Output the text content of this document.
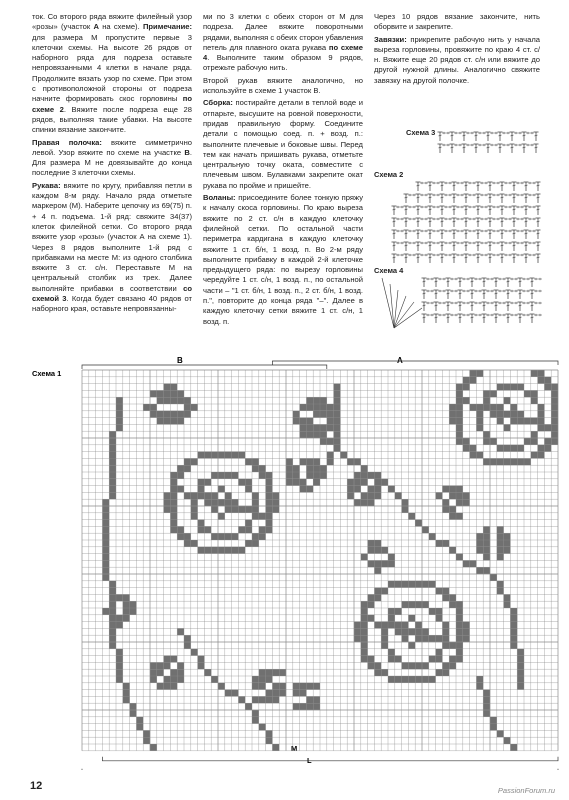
ток. Со второго ряда вяжите филейный узор «розы» (участок А на схеме). Примечание: для размера М пропустите первые 3 клеточки схемы. На высоте 26 рядов от наборного ряда для подреза оставьте непровязанными 4 клетки в начале ряда. Продолжите вязать узор по схеме. При этом с противоположной стороны от подреза начните формировать скос горловины по схеме 2. Вяжите после подреза еще 28 рядов, выполняя такие убавки. На высоте спинки вязание закончите.

Правая полочка: вяжите симметрично левой. Узор вяжите по схеме на участке В. Для размера М не довязывайте до конца последние 3 клеточки схемы.

Рукава: вяжите по кругу, прибавляя петли в каждом 8-м ряду. Начало ряда отметьте маркером (М). Наберите цепочку из 69(75) п. + 4 п. подъема. 1-й ряд: свяжите 34(37) клеток филейной сетки. Со второго ряда вяжите узор «розы» (участок А на схеме 1). Через 8 рядов выполните 1-й ряд с прибавками на месте М: из одного столбика вяжите 3 ст. с/н. Переставьте М на центральный столбик из трех. Далее выполняйте прибавки в соответствии со схемой 3. Когда будет связано 40 рядов от наборного края, оставьте непровязанны-

ми по 3 клетки с обеих сторон от М для подреза. Далее вяжите поворотными рядами, выполняя с обеих сторон убавления петель для плавного оката рукава по схеме 4. Выполните таким образом 9 рядов, отрежьте рабочую нить.

Второй рукав вяжите аналогично, но используйте в схеме 1 участок В.

Сборка: постирайте детали в теплой воде и отпарьте, высушите на ровной поверхности, придав правильную форму. Соедините детали с помощью соед. п. + возд. п.: выполните плечевые и боковые швы. Перед тем как начать пришивать рукава, отметьте центральную точку оката, совместите с плечевым швом. Булавками закрепите окат рукава по пройме и пришейте.

Воланы: присоедините более тонкую пряжу к началу скоса горловины. По краю выреза вяжите по 2 ст. с/н в каждую клеточку филейной сетки. По остальной части периметра кардигана в каждую клеточку вяжите 1 ст. б/н, 1 возд. п. Во 2-м ряду выполните прибавку в каждой 2-й клеточке предыдущего ряда: по вырезу горловины чередуйте 1 ст. с/н, 1 возд. п., по остальной части – "1 ст. б/н, 1 возд. п., 2 ст. б/н, 1 возд. п.", повторите до конца ряда "–". Далее в каждую клеточку сетки вяжите 1 ст. с/н, 1 возд. п.

Через 10 рядов вязание закончите, нить оборвите и закрепите.

Завязки: прикрепите рабочую нить у начала выреза горловины, провяжите по краю 4 ст. с/н. Вяжите еще 20 рядов ст. с/н или вяжите до другой нужной длины. Аналогично свяжите завязку на другой полочке.

Схема 3
Схема 2
Схема 4
Схема 1
В	А
M
L
12	PassionForum.ru
